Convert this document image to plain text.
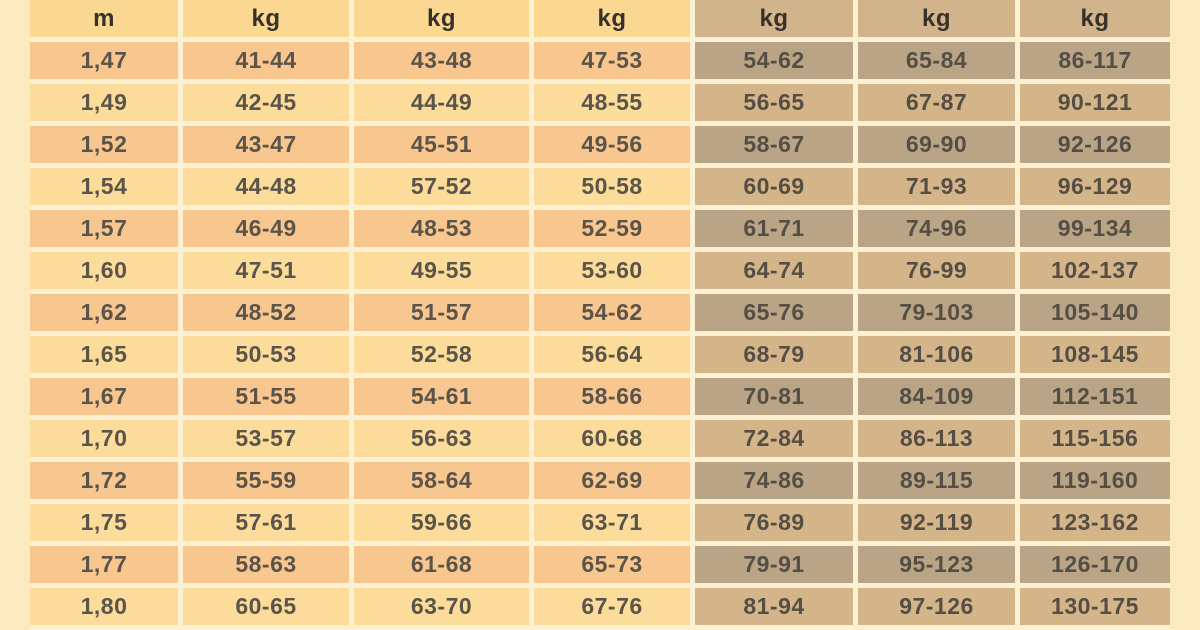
m	kg	kg	kg	kg	kg	kg
1,47	41-44	43-48	47-53	54-62	65-84	86-117
1,49	42-45	44-49	48-55	56-65	67-87	90-121
1,52	43-47	45-51	49-56	58-67	69-90	92-126
1,54	44-48	57-52	50-58	60-69	71-93	96-129
1,57	46-49	48-53	52-59	61-71	74-96	99-134
1,60	47-51	49-55	53-60	64-74	76-99	102-137
1,62	48-52	51-57	54-62	65-76	79-103	105-140
1,65	50-53	52-58	56-64	68-79	81-106	108-145
1,67	51-55	54-61	58-66	70-81	84-109	112-151
1,70	53-57	56-63	60-68	72-84	86-113	115-156
1,72	55-59	58-64	62-69	74-86	89-115	119-160
1,75	57-61	59-66	63-71	76-89	92-119	123-162
1,77	58-63	61-68	65-73	79-91	95-123	126-170
1,80	60-65	63-70	67-76	81-94	97-126	130-175
